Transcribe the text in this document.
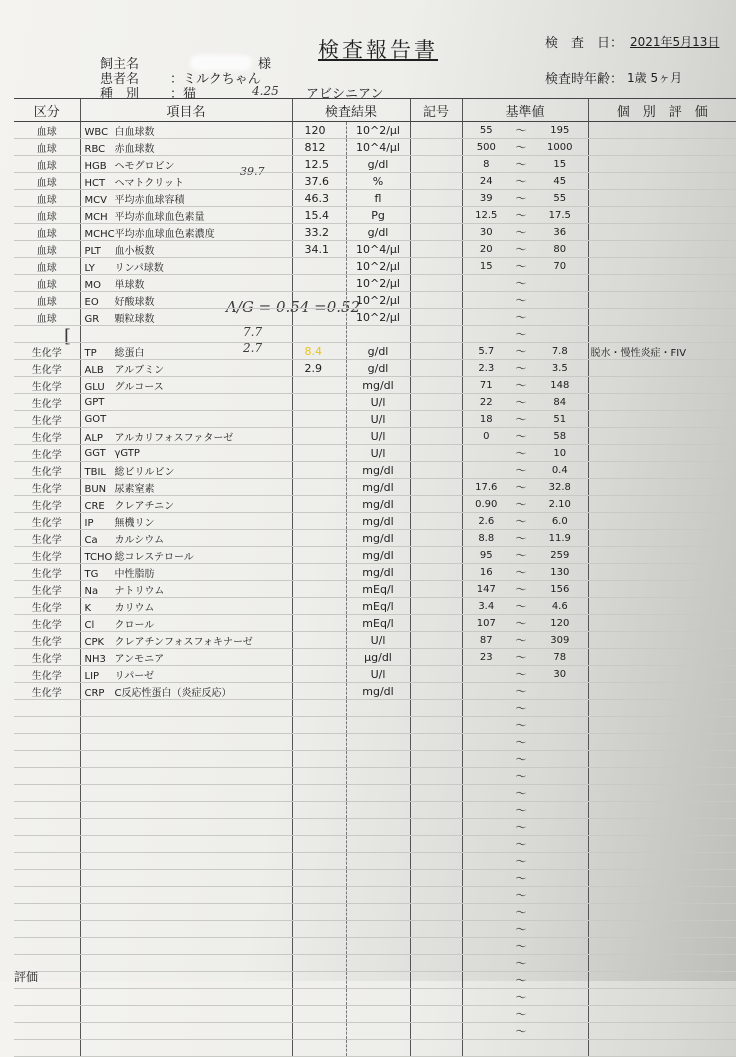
検査報告書
飼主名	様
患者名 ：ミルクちゃん
種　別 ：猫	アビシニアン
検　査　日： 2021年5月13日
検査時年齢： 1歳 5ヶ月
4.25
39.7
A/G = 0.54 =0.52
7.7
2.7
[
区分	項目名	検査結果		記号	基準値			個　別　評　価
血球	WBC 白血球数	120	10^2/μl		55	～	195	
血球	RBC 赤血球数	812	10^4/μl		500	～	1000	
血球	HGB ヘモグロビン	12.5	g/dl		8	～	15	
血球	HCT ヘマトクリット	37.6	%		24	～	45	
血球	MCV 平均赤血球容積	46.3	fl		39	～	55	
血球	MCH 平均赤血球血色素量	15.4	Pg		12.5	～	17.5	
血球	MCHC平均赤血球血色素濃度	33.2	g/dl		30	～	36	
血球	PLT 血小板数	34.1	10^4/μl		20	～	80	
血球	LY リンパ球数		10^2/μl		15	～	70	
血球	MO 単球数		10^2/μl			～		
血球	EO 好酸球数		10^2/μl			～		
血球	GR 顆粒球数		10^2/μl			～		
						～		
生化学	TP 総蛋白	8.4	g/dl		5.7	～	7.8	脱水・慢性炎症・FIV
生化学	ALB アルブミン	2.9	g/dl		2.3	～	3.5	
生化学	GLU グルコース		mg/dl		71	～	148	
生化学	GPT		U/l		22	～	84	
生化学	GOT		U/l		18	～	51	
生化学	ALP アルカリフォスファターゼ		U/l		0	～	58	
生化学	GGT γGTP		U/l			～	10	
生化学	TBIL 総ビリルビン		mg/dl			～	0.4	
生化学	BUN 尿素窒素		mg/dl		17.6	～	32.8	
生化学	CRE クレアチニン		mg/dl		0.90	～	2.10	
生化学	IP 無機リン		mg/dl		2.6	～	6.0	
生化学	Ca カルシウム		mg/dl		8.8	～	11.9	
生化学	TCHO 総コレステロール		mg/dl		95	～	259	
生化学	TG 中性脂肪		mg/dl		16	～	130	
生化学	Na ナトリウム		mEq/l		147	～	156	
生化学	K カリウム		mEq/l		3.4	～	4.6	
生化学	Cl クロール		mEq/l		107	～	120	
生化学	CPK クレアチンフォスフォキナーゼ		U/l		87	～	309	
生化学	NH3 アンモニア		μg/dl		23	～	78	
生化学	LIP リパーゼ		U/l			～	30	
生化学	CRP C反応性蛋白（炎症反応）		mg/dl			～		
						～		
						～		
						～		
						～		
						～		
						～		
						～		
						～		
						～		
						～		
						～		
						～		
						～		
						～		
						～		
						～		
						～		
						～		
						～		
						～		

評価
